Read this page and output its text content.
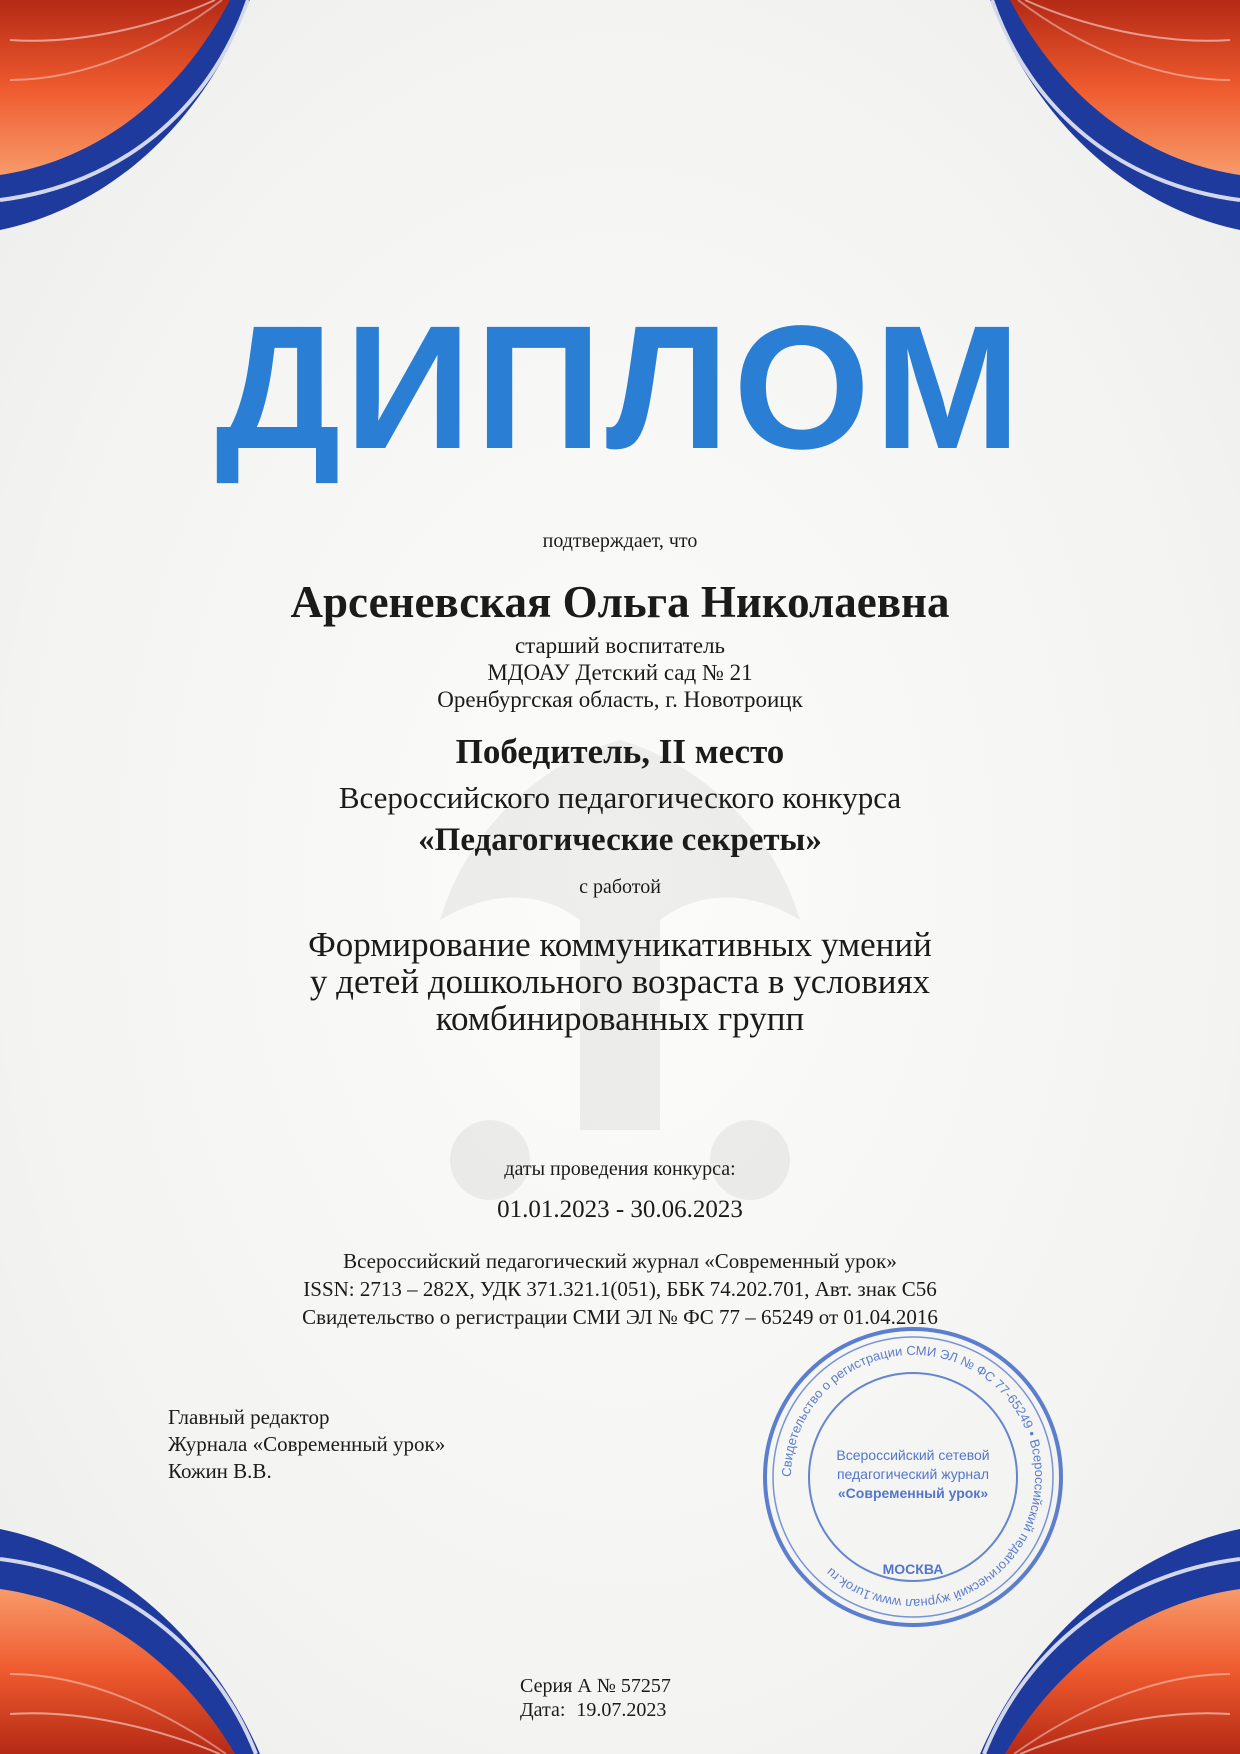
ДИПЛОМ
подтверждает, что
Арсеневская Ольга Николаевна
старший воспитатель
МДОАУ Детский сад № 21
Оренбургская область, г. Новотроицк
Победитель, II место
Всероссийского педагогического конкурса
«Педагогические секреты»
с работой
Формирование коммуникативных умений
у детей дошкольного возраста в условиях
комбинированных групп
даты проведения конкурса:
01.01.2023 - 30.06.2023
Всероссийский педагогический журнал «Современный урок»
ISSN: 2713 – 282X, УДК 371.321.1(051), ББК 74.202.701, Авт. знак С56
Свидетельство о регистрации СМИ ЭЛ № ФС 77 – 65249 от 01.04.2016
Главный редактор
Журнала «Современный урок»
Кожин В.В.	Свидетельство о регистрации СМИ ЭЛ № ФС 77-65249 • Всероссийский педагогический журнал www.1urok.ru
Всероссийский сетевой
педагогический журнал
«Современный урок»
МОСКВА
Серия А № 57257
Дата: 19.07.2023
